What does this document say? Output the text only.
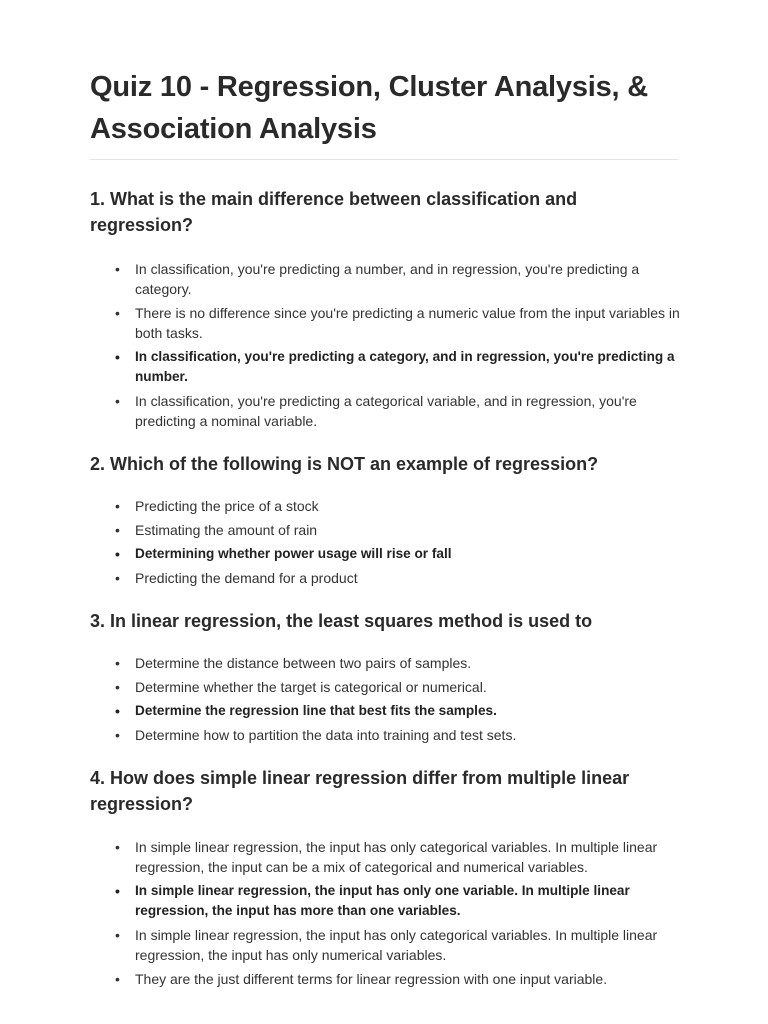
Quiz 10 - Regression, Cluster Analysis, & Association Analysis
1. What is the main difference between classification and regression?
• In classification, you're predicting a number, and in regression, you're predicting a category.
• There is no difference since you're predicting a numeric value from the input variables in both tasks.
• In classification, you're predicting a category, and in regression, you're predicting a number.
• In classification, you're predicting a categorical variable, and in regression, you're predicting a nominal variable.
2. Which of the following is NOT an example of regression?
• Predicting the price of a stock
• Estimating the amount of rain
• Determining whether power usage will rise or fall
• Predicting the demand for a product
3. In linear regression, the least squares method is used to
• Determine the distance between two pairs of samples.
• Determine whether the target is categorical or numerical.
• Determine the regression line that best fits the samples.
• Determine how to partition the data into training and test sets.
4. How does simple linear regression differ from multiple linear regression?
• In simple linear regression, the input has only categorical variables. In multiple linear regression, the input can be a mix of categorical and numerical variables.
• In simple linear regression, the input has only one variable. In multiple linear regression, the input has more than one variables.
• In simple linear regression, the input has only categorical variables. In multiple linear regression, the input has only numerical variables.
• They are the just different terms for linear regression with one input variable.
